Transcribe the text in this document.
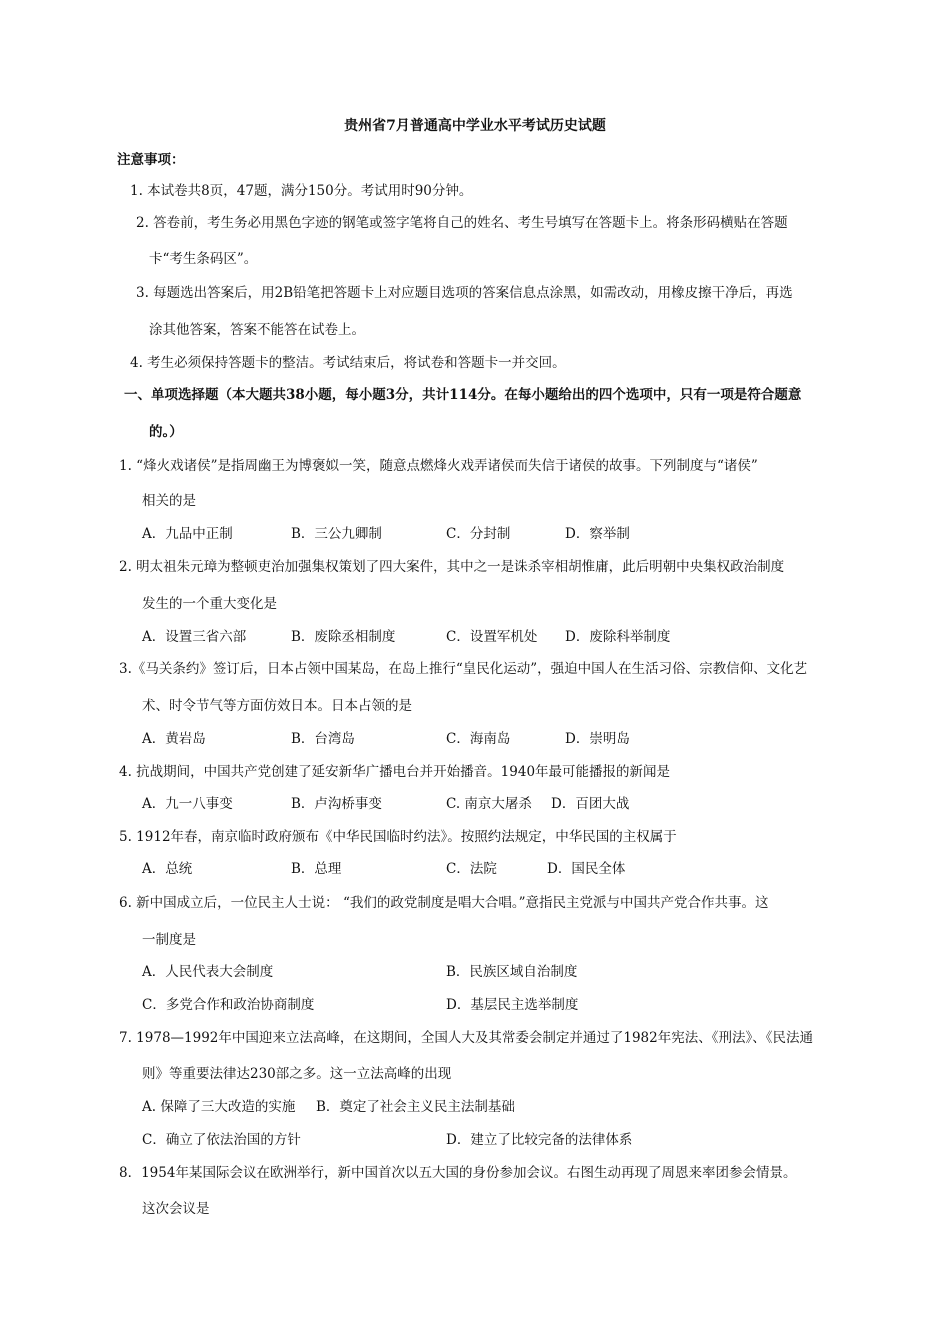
贵州省7月普通高中学业水平考试历史试题
注意事项：
1. 本试卷共8页，47题，满分150分。考试用时90分钟。
2. 答卷前，考生务必用黑色字迹的钢笔或签字笔将自己的姓名、考生号填写在答题卡上。将条形码横贴在答题
卡“考生条码区”。
3. 每题选出答案后，用2B铅笔把答题卡上对应题目选项的答案信息点涂黑，如需改动，用橡皮擦干净后，再选
涂其他答案，答案不能答在试卷上。
4. 考生必须保持答题卡的整洁。考试结束后，将试卷和答题卡一并交回。
一、单项选择题（本大题共38小题，每小题3分，共计114分。在每小题给出的四个选项中，只有一项是符合题意
的。）
1. “烽火戏诸侯”是指周幽王为博褒姒一笑，随意点燃烽火戏弄诸侯而失信于诸侯的故事。下列制度与“诸侯”
相关的是
A．九品中正制	B．三公九卿制	C．分封制	D．察举制
2. 明太祖朱元璋为整顿吏治加强集权策划了四大案件，其中之一是诛杀宰相胡惟庸，此后明朝中央集权政治制度
发生的一个重大变化是
A．设置三省六部	B．废除丞相制度	C．设置军机处 D．废除科举制度
3.《马关条约》签订后，日本占领中国某岛，在岛上推行“皇民化运动”，强迫中国人在生活习俗、宗教信仰、文化艺
术、时令节气等方面仿效日本。日本占领的是
A．黄岩岛	B．台湾岛	C．海南岛	D．崇明岛
4. 抗战期间，中国共产党创建了延安新华广播电台并开始播音。1940年最可能播报的新闻是
A．九一八事变	B．卢沟桥事变	C. 南京大屠杀 D．百团大战
5. 1912年春，南京临时政府颁布《中华民国临时约法》。按照约法规定，中华民国的主权属于
A．总统	B．总理	C．法院	D．国民全体
6. 新中国成立后，一位民主人士说： “我们的政党制度是唱大合唱。”意指民主党派与中国共产党合作共事。这
一制度是
A．人民代表大会制度	B．民族区域自治制度
C．多党合作和政治协商制度	D．基层民主选举制度
7. 1978—1992年中国迎来立法高峰，在这期间，全国人大及其常委会制定并通过了1982年宪法、《刑法》、《民法通
则》等重要法律达230部之多。这一立法高峰的出现
A. 保障了三大改造的实施 B．奠定了社会主义民主法制基础
C．确立了依法治国的方针	D．建立了比较完备的法律体系
8．1954年某国际会议在欧洲举行，新中国首次以五大国的身份参加会议。右图生动再现了周恩来率团参会情景。
这次会议是
